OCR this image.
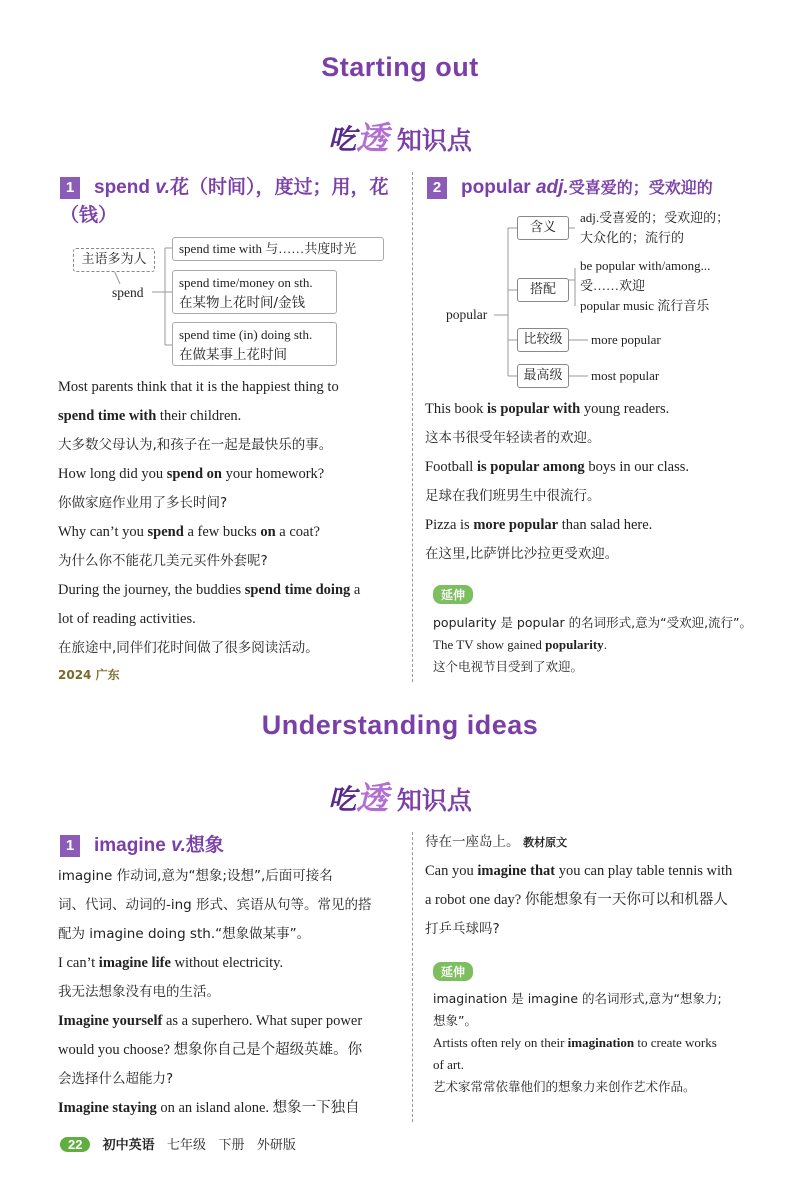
Starting out
吃透 知识点
1 spend v.花（时间），度过；用，花（钱）
主语多为人
spend
spend time with 与……共度时光
spend time/money on sth.
在某物上花时间/金钱
spend time (in) doing sth.
在做某事上花时间
Most parents think that it is the happiest thing to
spend time with their children.
大多数父母认为,和孩子在一起是最快乐的事。
How long did you spend on your homework?
你做家庭作业用了多长时间?
Why can’t you spend a few bucks on a coat?
为什么你不能花几美元买件外套呢?
During the journey, the buddies spend time doing a
lot of reading activities.
在旅途中,同伴们花时间做了很多阅读活动。
2024 广东
2 popular adj.受喜爱的；受欢迎的
popular
含义
adj.受喜爱的；受欢迎的；
大众化的；流行的
搭配
be popular with/among...
受……欢迎
popular music 流行音乐
比较级	more popular
最高级	most popular
This book is popular with young readers.
这本书很受年轻读者的欢迎。
Football is popular among boys in our class.
足球在我们班男生中很流行。
Pizza is more popular than salad here.
在这里,比萨饼比沙拉更受欢迎。
延伸
popularity 是 popular 的名词形式,意为“受欢迎,流行”。
The TV show gained popularity.
这个电视节目受到了欢迎。
Understanding ideas
吃透 知识点
1 imagine v.想象
imagine 作动词,意为“想象;设想”,后面可接名
词、代词、动词的-ing 形式、宾语从句等。常见的搭
配为 imagine doing sth.“想象做某事”。
I can’t imagine life without electricity.
我无法想象没有电的生活。
Imagine yourself as a superhero. What super power
would you choose? 想象你自己是个超级英雄。你
会选择什么超能力?
Imagine staying on an island alone. 想象一下独自
待在一座岛上。 教材原文
Can you imagine that you can play table tennis with
a robot one day? 你能想象有一天你可以和机器人
打乒乓球吗?
延伸
imagination 是 imagine 的名词形式,意为“想象力;
想象”。
Artists often rely on their imagination to create works
of art.
艺术家常常依靠他们的想象力来创作艺术作品。
22 初中英语 七年级 下册 外研版
